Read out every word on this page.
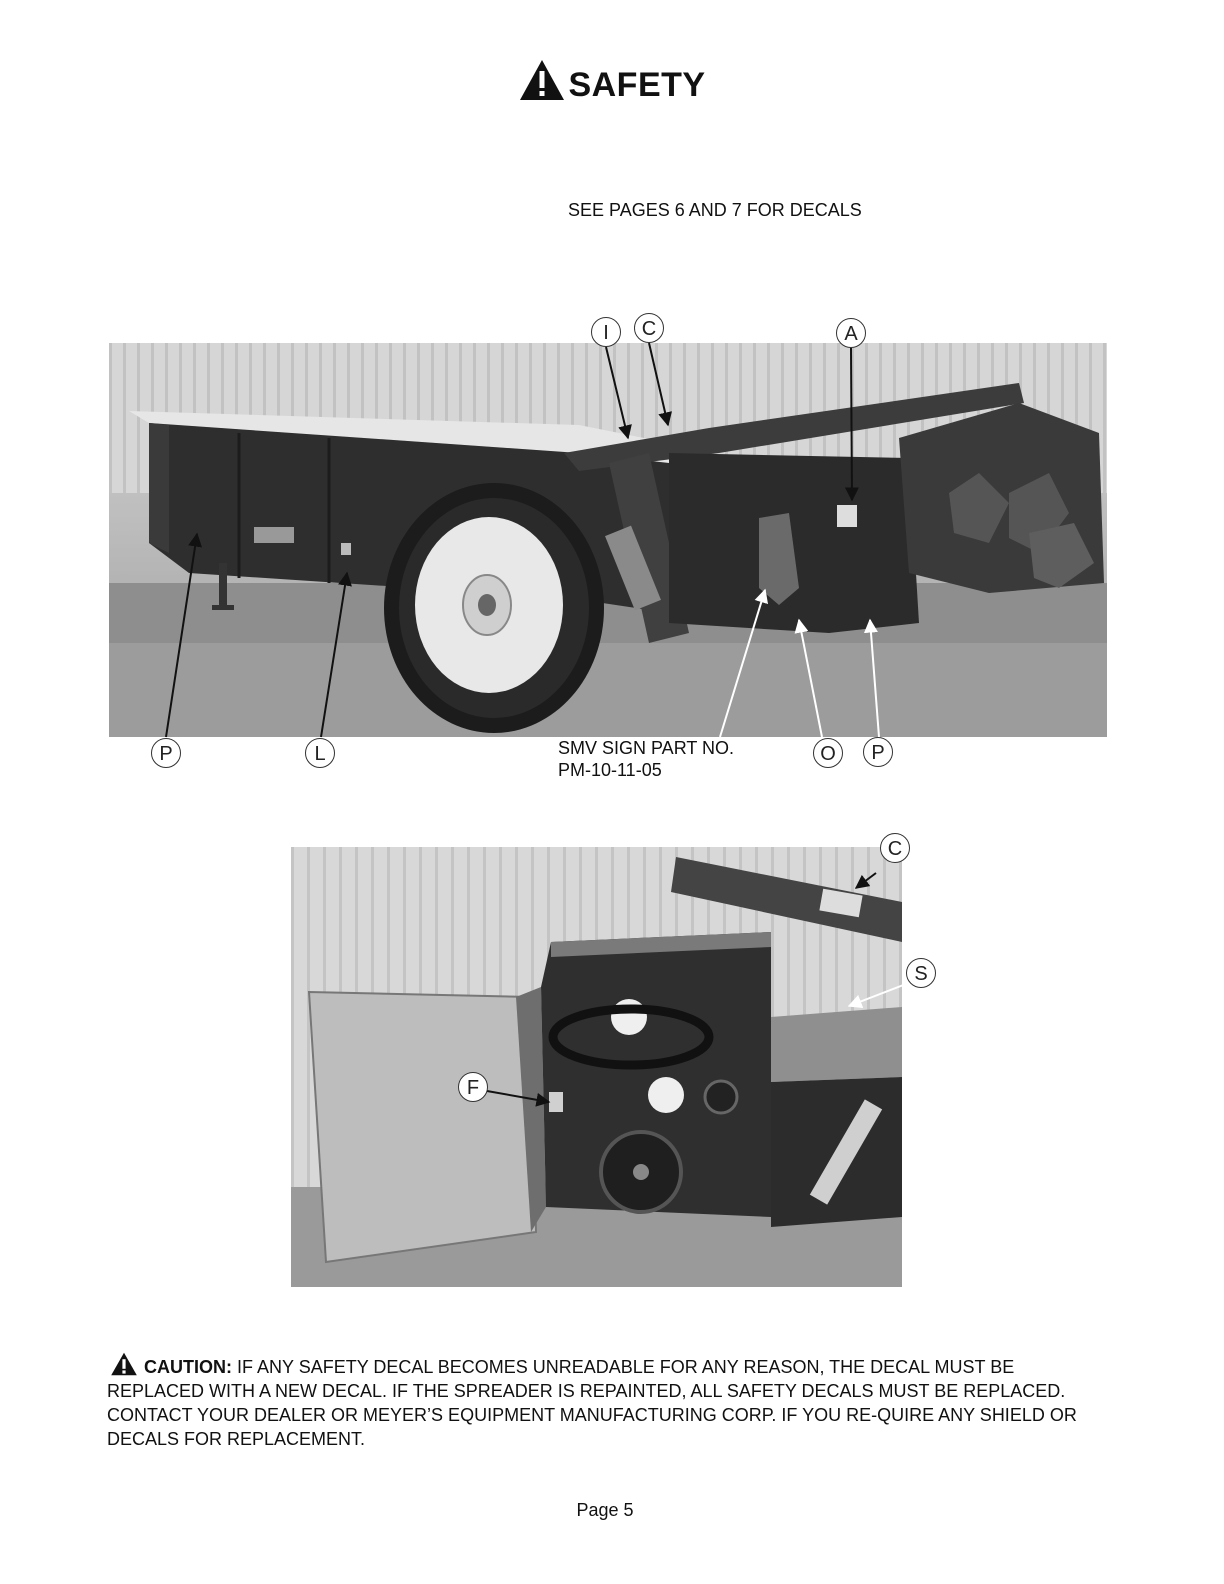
SAFETY
SEE PAGES 6 AND 7 FOR DECALS
I	C	A
P	L	O	P
SMV SIGN PART NO.
PM-10-11-05
C
S
F
CAUTION: IF ANY SAFETY DECAL BECOMES UNREADABLE FOR ANY REASON, THE DECAL MUST BE REPLACED WITH A NEW DECAL. IF THE SPREADER IS REPAINTED, ALL SAFETY DECALS MUST BE REPLACED. CONTACT YOUR DEALER OR MEYER’S EQUIPMENT MANUFACTURING CORP. IF YOU RE-QUIRE ANY SHIELD OR DECALS FOR REPLACEMENT.
Page 5
